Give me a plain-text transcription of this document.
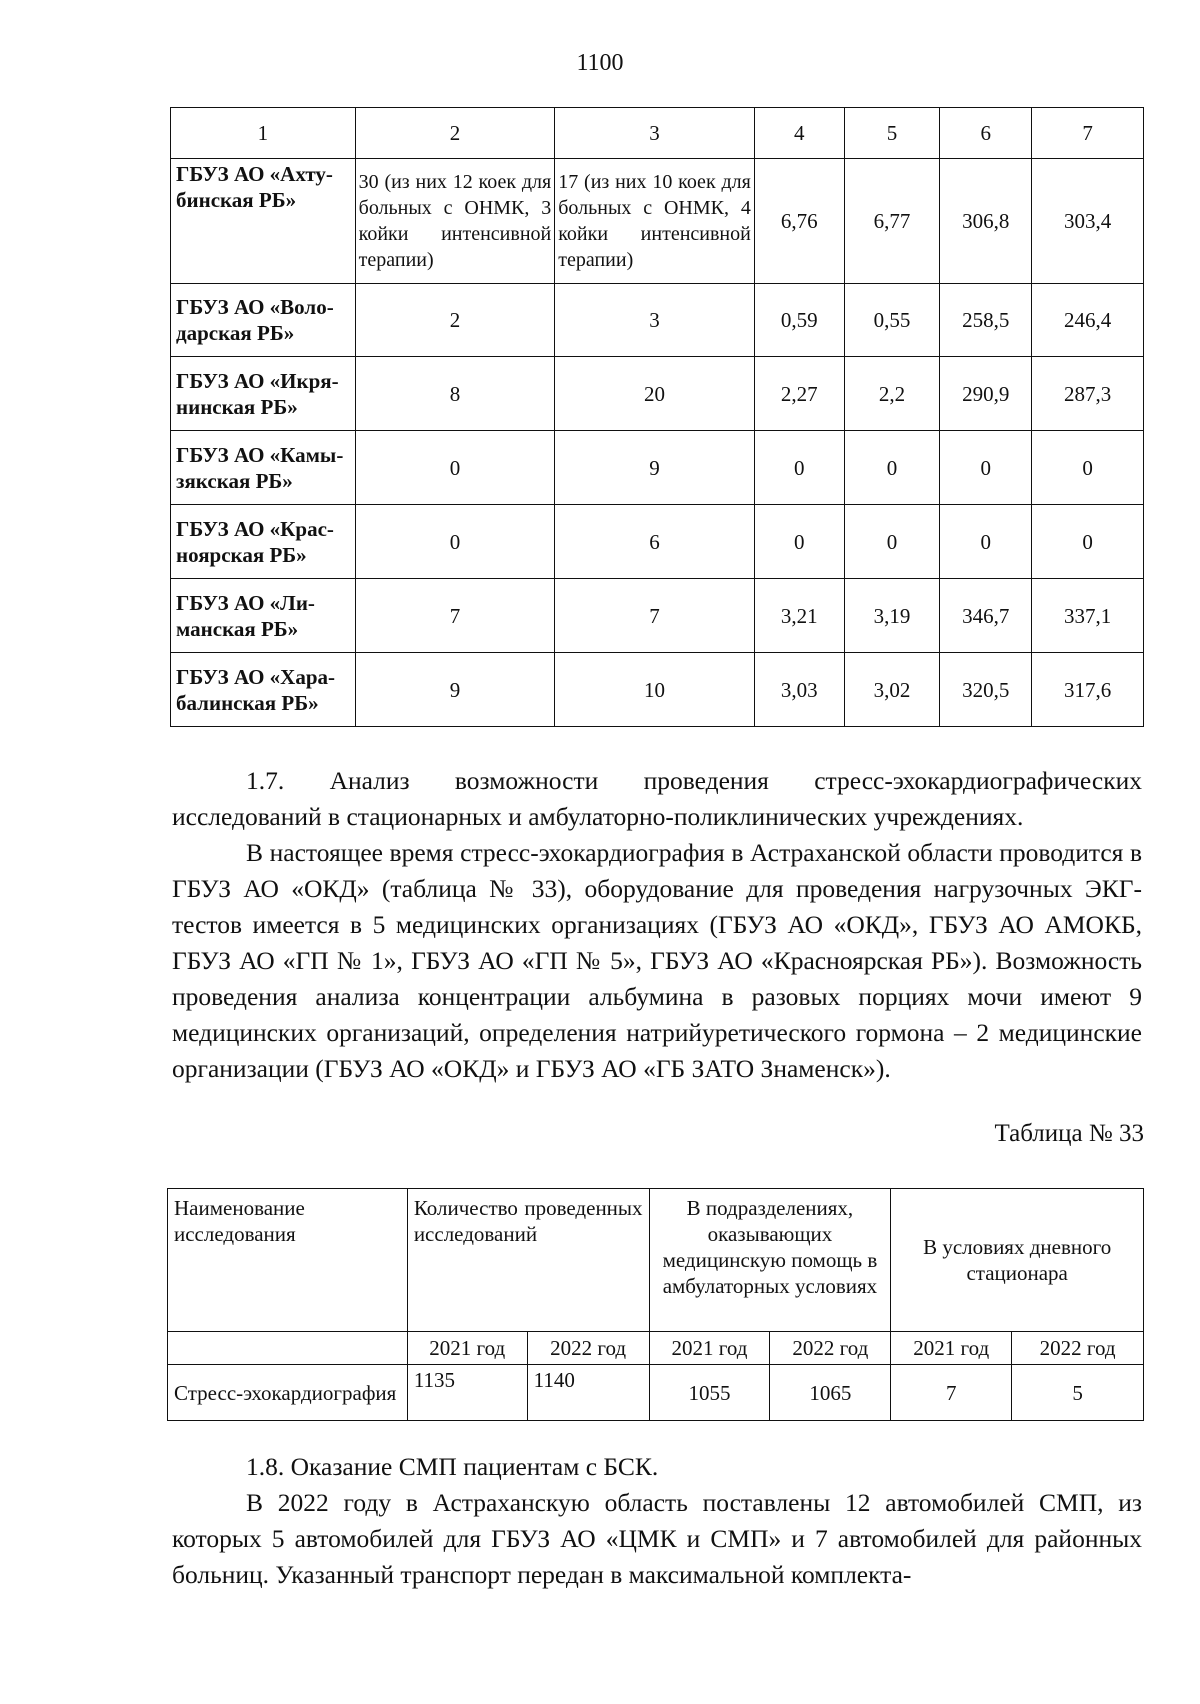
1100
1	2	3	4	5	6	7
ГБУЗ АО «Ахту-бинская РБ»	30 (из них 12 коек для больных с ОНМК, 3 койки интенсивной терапии)	17 (из них 10 коек для больных с ОНМК, 4 койки интенсивной терапии)	6,76	6,77	306,8	303,4
ГБУЗ АО «Воло-дарская РБ»	2	3	0,59	0,55	258,5	246,4
ГБУЗ АО «Икря-нинская РБ»	8	20	2,27	2,2	290,9	287,3
ГБУЗ АО «Камы-зякская РБ»	0	9	0	0	0	0
ГБУЗ АО «Крас-ноярская РБ»	0	6	0	0	0	0
ГБУЗ АО «Ли-манская РБ»	7	7	3,21	3,19	346,7	337,1
ГБУЗ АО «Хара-балинская РБ»	9	10	3,03	3,02	320,5	317,6

1.7. Анализ возможности проведения стресс-эхокардиографических исследований в стационарных и амбулаторно-поликлинических учреждениях.

В настоящее время стресс-эхокардиография в Астраханской области проводится в ГБУЗ АО «ОКД» (таблица № 33), оборудование для проведения нагрузочных ЭКГ-тестов имеется в 5 медицинских организациях (ГБУЗ АО «ОКД», ГБУЗ АО АМОКБ, ГБУЗ АО «ГП № 1», ГБУЗ АО «ГП № 5», ГБУЗ АО «Красноярская РБ»). Возможность проведения анализа концентрации альбумина в разовых порциях мочи имеют 9 медицинских организаций, определения натрийуретического гормона – 2 медицинские организации (ГБУЗ АО «ОКД» и ГБУЗ АО «ГБ ЗАТО Знаменск»).

Таблица № 33
Наименование исследования	Количество проведенных исследований		В подразделениях, оказывающих медицинскую помощь в амбулаторных условиях		В условиях дневного стационара	
	2021 год	2022 год	2021 год	2022 год	2021 год	2022 год
Стресс-эхокардиография	1135	1140	1055	1065	7	5

1.8. Оказание СМП пациентам с БСК.

В 2022 году в Астраханскую область поставлены 12 автомобилей СМП, из которых 5 автомобилей для ГБУЗ АО «ЦМК и СМП» и 7 автомобилей для районных больниц. Указанный транспорт передан в максимальной комплекта-
